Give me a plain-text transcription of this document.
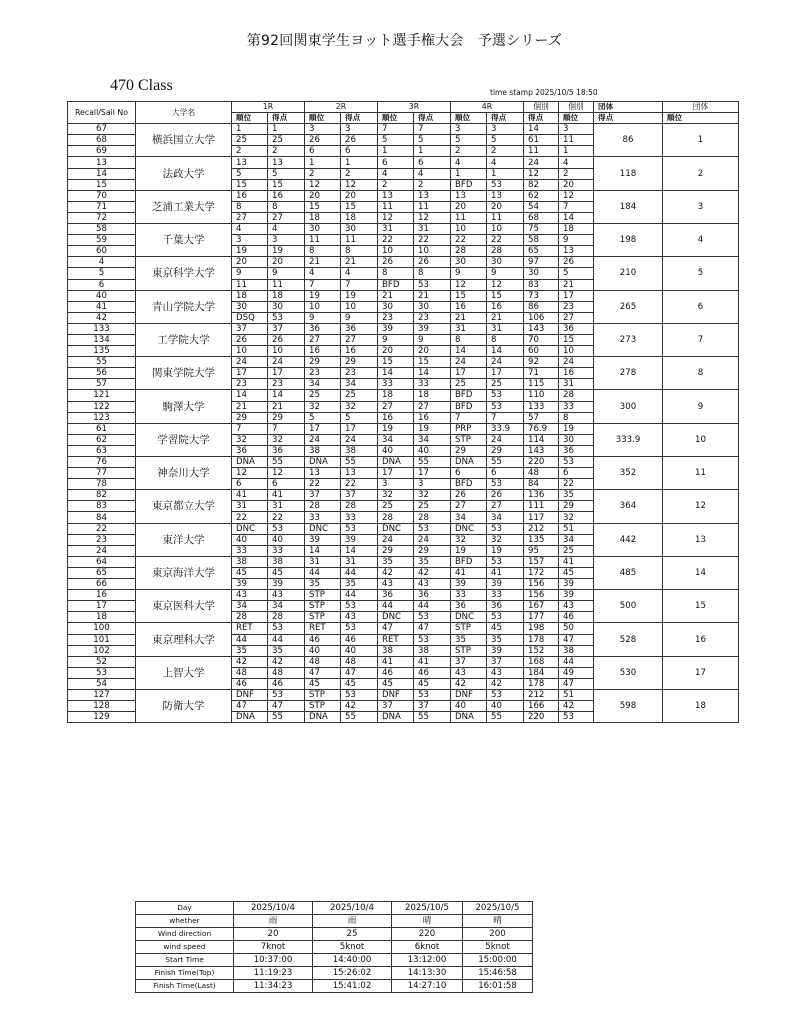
第92回関東学生ヨット選手権大会　予選シリーズ
470 Class	time stamp 2025/10/5 18:50
Recall/Sail No	大学名	1R		2R		3R		4R		個別	個別	団体	団体
		順位	得点	順位	得点	順位	得点	順位	得点	得点	順位	得点	順位
67	横浜国立大学	1	1	3	3	7	7	3	3	14	3	86	1
68		25	25	26	26	5	5	5	5	61	11		
69		2	2	6	6	1	1	2	2	11	1		
13	法政大学	13	13	1	1	6	6	4	4	24	4	118	2
14		5	5	2	2	4	4	1	1	12	2		
15		15	15	12	12	2	2	BFD	53	82	20		
70	芝浦工業大学	16	16	20	20	13	13	13	13	62	12	184	3
71		8	8	15	15	11	11	20	20	54	7		
72		27	27	18	18	12	12	11	11	68	14		
58	千葉大学	4	4	30	30	31	31	10	10	75	18	198	4
59		3	3	11	11	22	22	22	22	58	9		
60		19	19	8	8	10	10	28	28	65	13		
4	東京科学大学	20	20	21	21	26	26	30	30	97	26	210	5
5		9	9	4	4	8	8	9	9	30	5		
6		11	11	7	7	BFD	53	12	12	83	21		
40	青山学院大学	18	18	19	19	21	21	15	15	73	17	265	6
41		30	30	10	10	30	30	16	16	86	23		
42		DSQ	53	9	9	23	23	21	21	106	27		
133	工学院大学	37	37	36	36	39	39	31	31	143	36	273	7
134		26	26	27	27	9	9	8	8	70	15		
135		10	10	16	16	20	20	14	14	60	10		
55	関東学院大学	24	24	29	29	15	15	24	24	92	24	278	8
56		17	17	23	23	14	14	17	17	71	16		
57		23	23	34	34	33	33	25	25	115	31		
121	駒澤大学	14	14	25	25	18	18	BFD	53	110	28	300	9
122		21	21	32	32	27	27	BFD	53	133	33		
123		29	29	5	5	16	16	7	7	57	8		
61	学習院大学	7	7	17	17	19	19	PRP	33.9	76.9	19	333.9	10
62		32	32	24	24	34	34	STP	24	114	30		
63		36	36	38	38	40	40	29	29	143	36		
76	神奈川大学	DNA	55	DNA	55	DNA	55	DNA	55	220	53	352	11
77		12	12	13	13	17	17	6	6	48	6		
78		6	6	22	22	3	3	BFD	53	84	22		
82	東京都立大学	41	41	37	37	32	32	26	26	136	35	364	12
83		31	31	28	28	25	25	27	27	111	29		
84		22	22	33	33	28	28	34	34	117	32		
22	東洋大学	DNC	53	DNC	53	DNC	53	DNC	53	212	51	442	13
23		40	40	39	39	24	24	32	32	135	34		
24		33	33	14	14	29	29	19	19	95	25		
64	東京海洋大学	38	38	31	31	35	35	BFD	53	157	41	485	14
65		45	45	44	44	42	42	41	41	172	45		
66		39	39	35	35	43	43	39	39	156	39		
16	東京医科大学	43	43	STP	44	36	36	33	33	156	39	500	15
17		34	34	STP	53	44	44	36	36	167	43		
18		28	28	STP	43	DNC	53	DNC	53	177	46		
100	東京理科大学	RET	53	RET	53	47	47	STP	45	198	50	528	16
101		44	44	46	46	RET	53	35	35	178	47		
102		35	35	40	40	38	38	STP	39	152	38		
52	上智大学	42	42	48	48	41	41	37	37	168	44	530	17
53		48	48	47	47	46	46	43	43	184	49		
54		46	46	45	45	45	45	42	42	178	47		
127	防衛大学	DNF	53	STP	53	DNF	53	DNF	53	212	51	598	18
128		47	47	STP	42	37	37	40	40	166	42		
129		DNA	55	DNA	55	DNA	55	DNA	55	220	53		
Day	2025/10/4	2025/10/4	2025/10/5	2025/10/5
whether	雨	雨	晴	晴
Wind direction	20	25	220	200
wind speed	7knot	5knot	6knot	5knot
Start Time	10:37:00	14:40:00	13:12:00	15:00:00
Finish Time(Top)	11:19:23	15:26:02	14:13:30	15:46:58
Finish Time(Last)	11:34:23	15:41:02	14:27:10	16:01:58
